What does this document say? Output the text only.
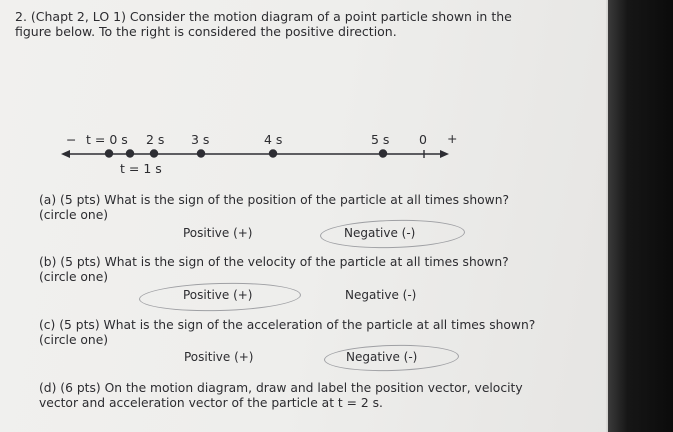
2. (Chapt 2, LO 1) Consider the motion diagram of a point particle shown in the
figure below. To the right is considered the positive direction.
− t = 0 s 2 s 3 s	4 s	5 s 0 +
t = 1 s
(a) (5 pts) What is the sign of the position of the particle at all times shown?
(circle one)
Positive (+)	Negative (-)
(b) (5 pts) What is the sign of the velocity of the particle at all times shown?
(circle one)
Positive (+)	Negative (-)
(c) (5 pts) What is the sign of the acceleration of the particle at all times shown?
(circle one)
Positive (+)	Negative (-)
(d) (6 pts) On the motion diagram, draw and label the position vector, velocity
vector and acceleration vector of the particle at t = 2 s.
